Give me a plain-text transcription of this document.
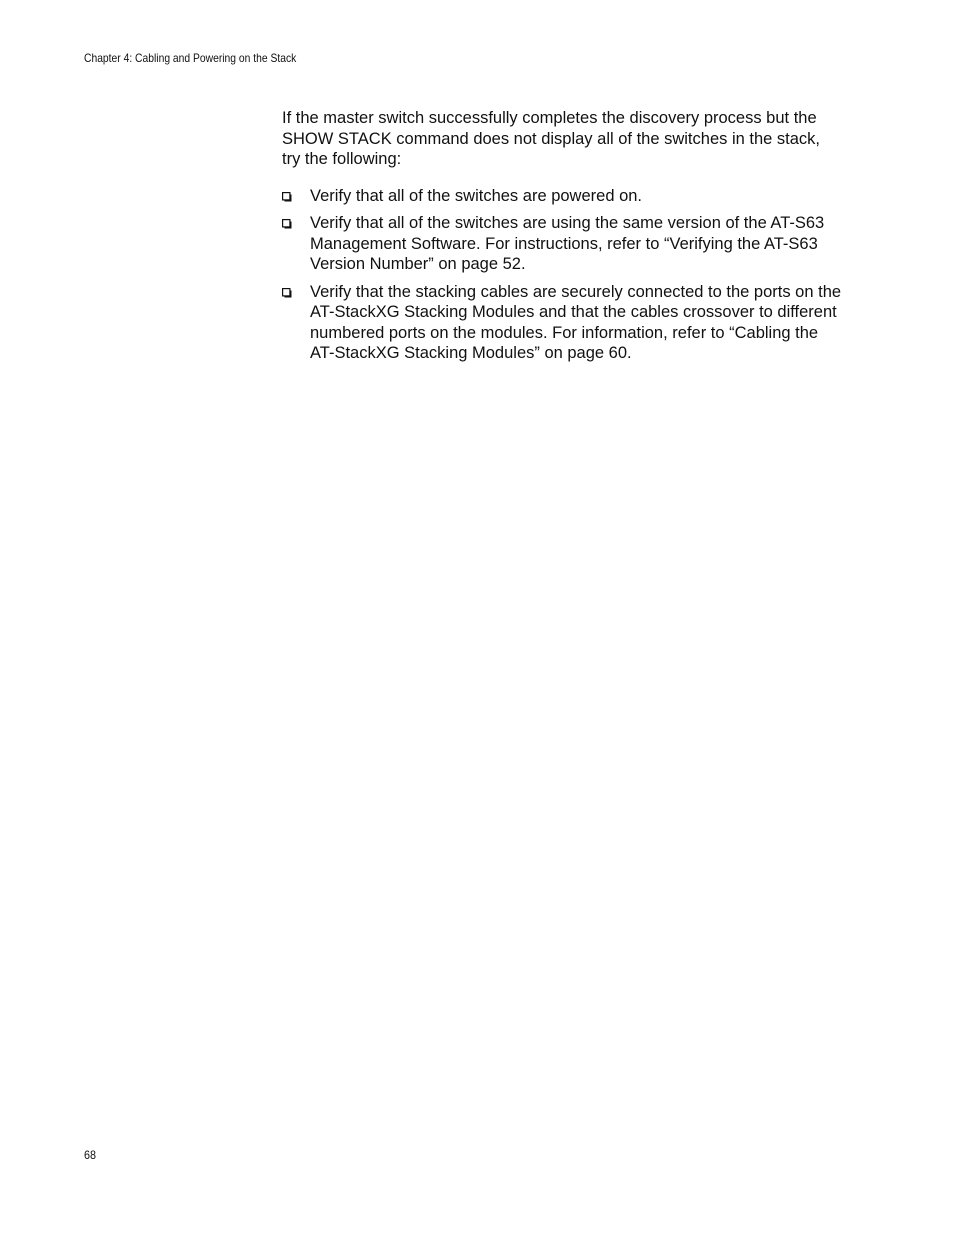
Chapter 4: Cabling and Powering on the Stack

If the master switch successfully completes the discovery process but the SHOW STACK command does not display all of the switches in the stack, try the following:

Verify that all of the switches are powered on.
Verify that all of the switches are using the same version of the AT-S63 Management Software. For instructions, refer to “Verifying the AT-S63 Version Number” on page 52.
Verify that the stacking cables are securely connected to the ports on the AT-StackXG Stacking Modules and that the cables crossover to different numbered ports on the modules. For information, refer to “Cabling the AT-StackXG Stacking Modules” on page 60.
68
